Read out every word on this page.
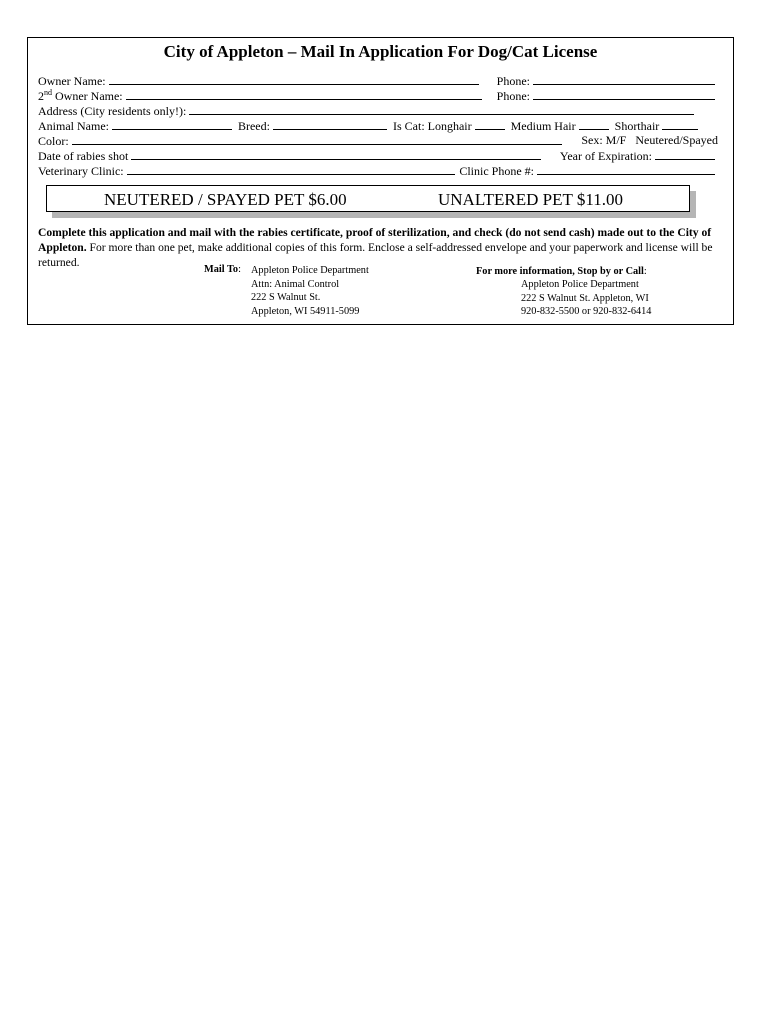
City of Appleton – Mail In Application For Dog/Cat License
Owner Name:	Phone:
2nd Owner Name:	Phone:
Address (City residents only!):
Animal Name:	Breed:	Is Cat: Longhair	Medium Hair	Shorthair
Color:	Sex: M/F Neutered/Spayed
Date of rabies shot	Year of Expiration:
Veterinary Clinic:	Clinic Phone #:
NEUTERED / SPAYED PET $6.00	UNALTERED PET $11.00
Complete this application and mail with the rabies certificate, proof of sterilization, and check (do not send cash) made out to the City of Appleton. For more than one pet, make additional copies of this form. Enclose a self-addressed envelope and your paperwork and license will be returned.
Mail To: Appleton Police Department
Attn: Animal Control
222 S Walnut St.
Appleton, WI 54911-5099
For more information, Stop by or Call:
Appleton Police Department
222 S Walnut St. Appleton, WI
920-832-5500 or 920-832-6414
